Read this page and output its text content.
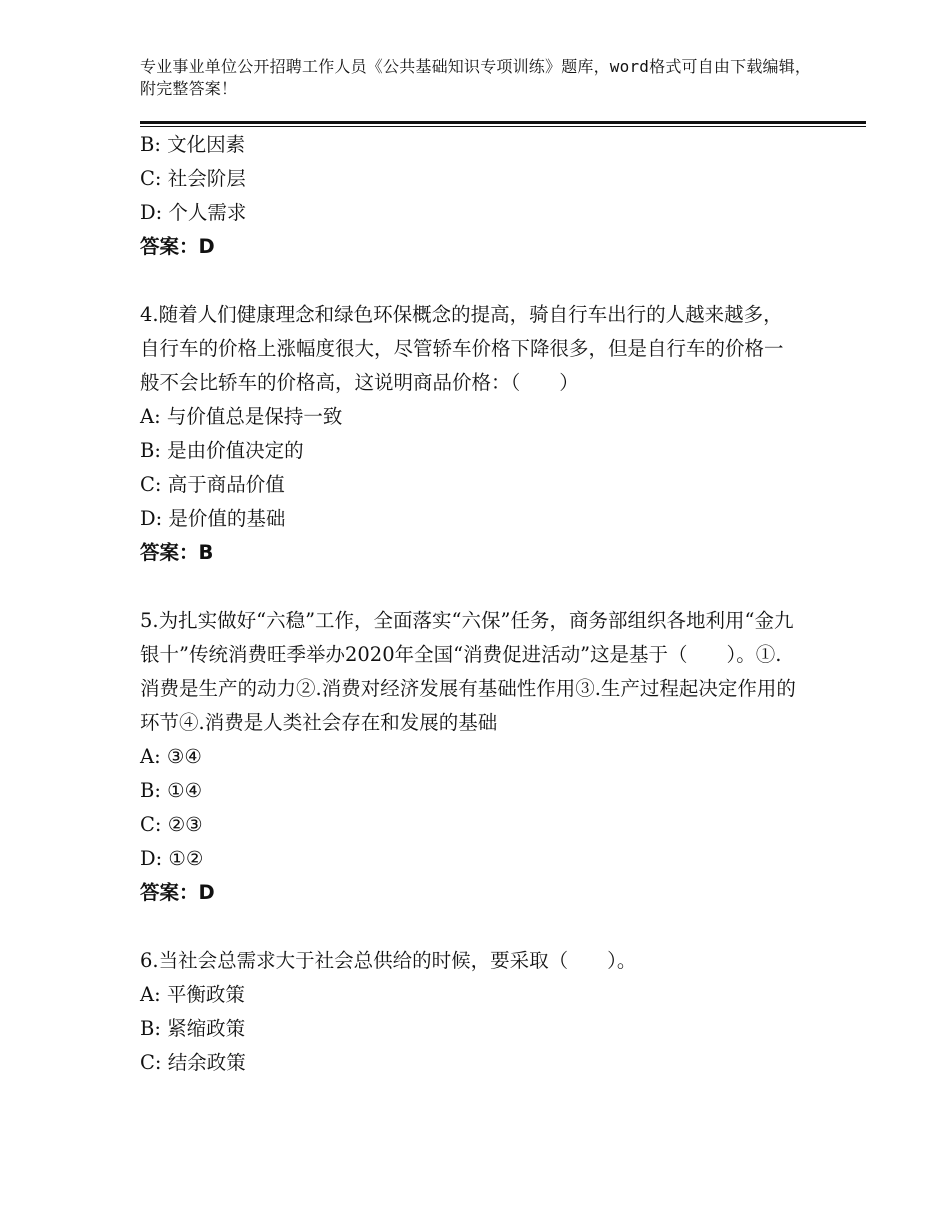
专业事业单位公开招聘工作人员《公共基础知识专项训练》题库，word格式可自由下载编辑，附完整答案！
B: 文化因素
C: 社会阶层
D: 个人需求
答案：D
4.随着人们健康理念和绿色环保概念的提高，骑自行车出行的人越来越多，自行车的价格上涨幅度很大，尽管轿车价格下降很多，但是自行车的价格一般不会比轿车的价格高，这说明商品价格：（　　）
A: 与价值总是保持一致
B: 是由价值决定的
C: 高于商品价值
D: 是价值的基础
答案：B
5.为扎实做好“六稳”工作，全面落实“六保”任务，商务部组织各地利用“金九银十”传统消费旺季举办2020年全国“消费促进活动”这是基于（　　）。①.消费是生产的动力②.消费对经济发展有基础性作用③.生产过程起决定作用的环节④.消费是人类社会存在和发展的基础
A: ③④
B: ①④
C: ②③
D: ①②
答案：D
6.当社会总需求大于社会总供给的时候，要采取（　　）。
A: 平衡政策
B: 紧缩政策
C: 结余政策
